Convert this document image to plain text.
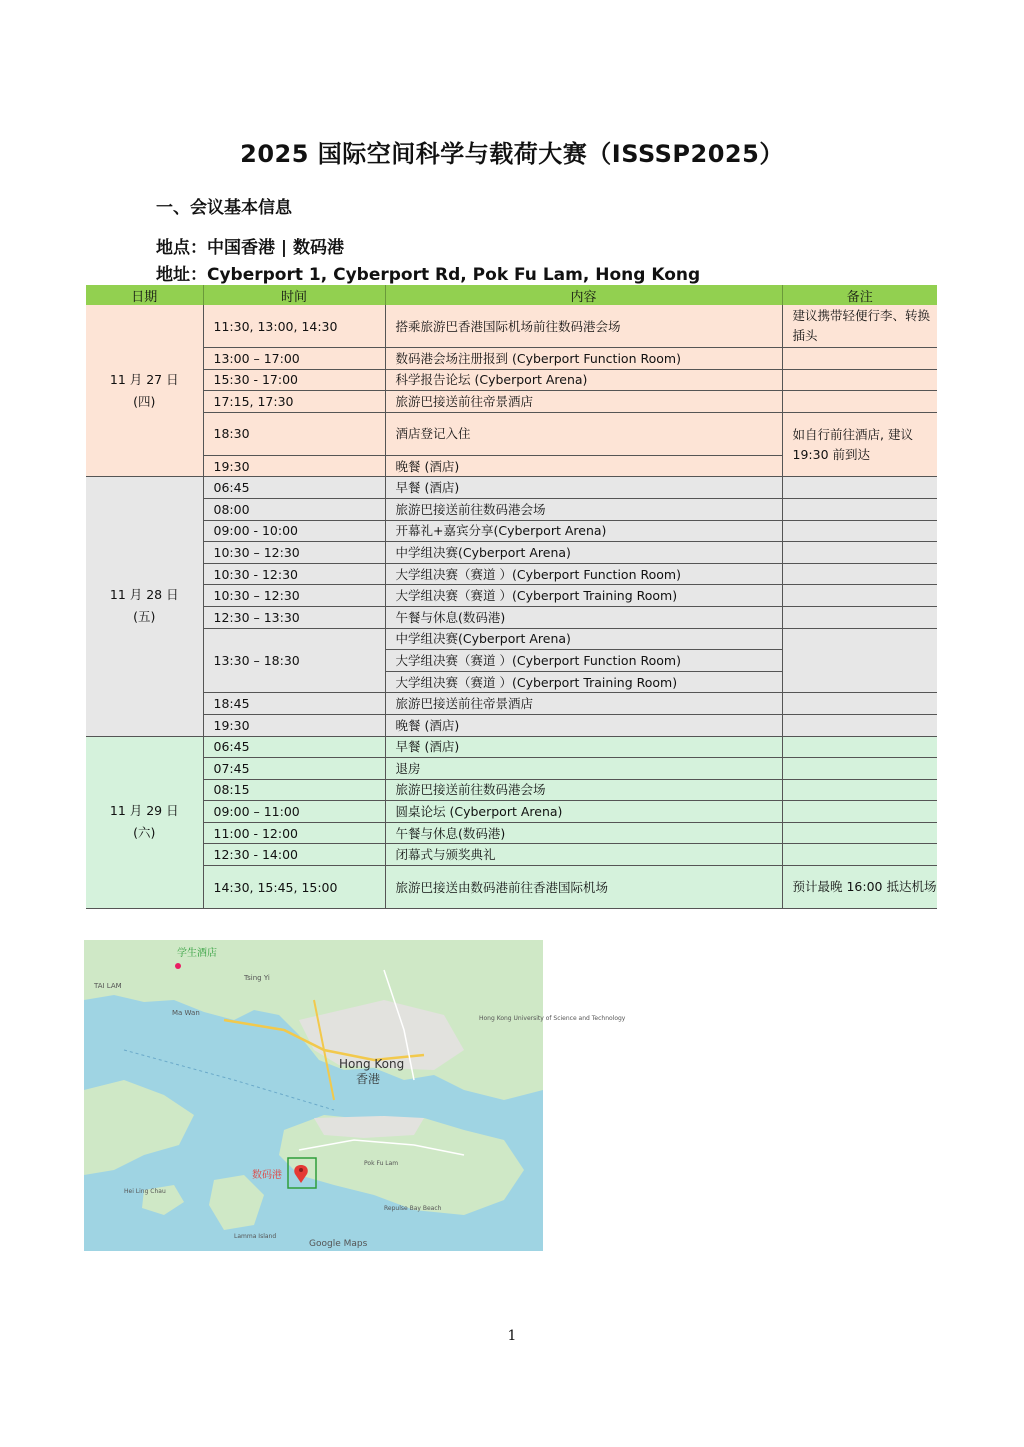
2025 国际空间科学与载荷大赛（ISSSP2025）
一、会议基本信息
地点：中国香港 | 数码港
地址：Cyberport 1, Cyberport Rd, Pok Fu Lam, Hong Kong
日期	时间	内容	备注

11 月 27 日
(四)	11:30, 13:00, 14:30	搭乘旅游巴香港国际机场前往数码港会场	建议携带轻便行李、转换插头
	13:00 – 17:00	数码港会场注册报到 (Cyberport Function Room)	
	15:30 - 17:00	科学报告论坛 (Cyberport Arena)	
	17:15, 17:30	旅游巴接送前往帝景酒店	
	18:30	酒店登记入住	如自行前往酒店, 建议 19:30 前到达
	19:30	晚餐 (酒店)	

11 月 28 日
(五)	06:45	早餐 (酒店)	
	08:00	旅游巴接送前往数码港会场	
	09:00 - 10:00	开幕礼+嘉宾分享(Cyberport Arena)	
	10:30 – 12:30	中学组决赛(Cyberport Arena)	
	10:30 - 12:30	大学组决赛（赛道 ）(Cyberport Function Room)	
	10:30 – 12:30	大学组决赛（赛道 ）(Cyberport Training Room)	
	12:30 – 13:30	午餐与休息(数码港)	
	13:30 – 18:30	中学组决赛(Cyberport Arena)	
		大学组决赛（赛道 ）(Cyberport Function Room)	
		大学组决赛（赛道 ）(Cyberport Training Room)	
	18:45	旅游巴接送前往帝景酒店	
	19:30	晚餐 (酒店)	

11 月 29 日
(六)	06:45	早餐 (酒店)	
	07:45	退房	
	08:15	旅游巴接送前往数码港会场	
	09:00 – 11:00	圆桌论坛 (Cyberport Arena)	
	11:00 - 12:00	午餐与休息(数码港)	
	12:30 - 14:00	闭幕式与颁奖典礼	
	14:30, 15:45, 15:00	旅游巴接送由数码港前往香港国际机场	预计最晚 16:00 抵达机场
学生酒店
TAI LAM
Tsing Yi
Ma Wan
Hong Kong
香港
Hong Kong University of Science and Technology
Pok Fu Lam
Repulse Bay Beach
Hei Ling Chau
Lamma Island
数码港
Google Maps
1
